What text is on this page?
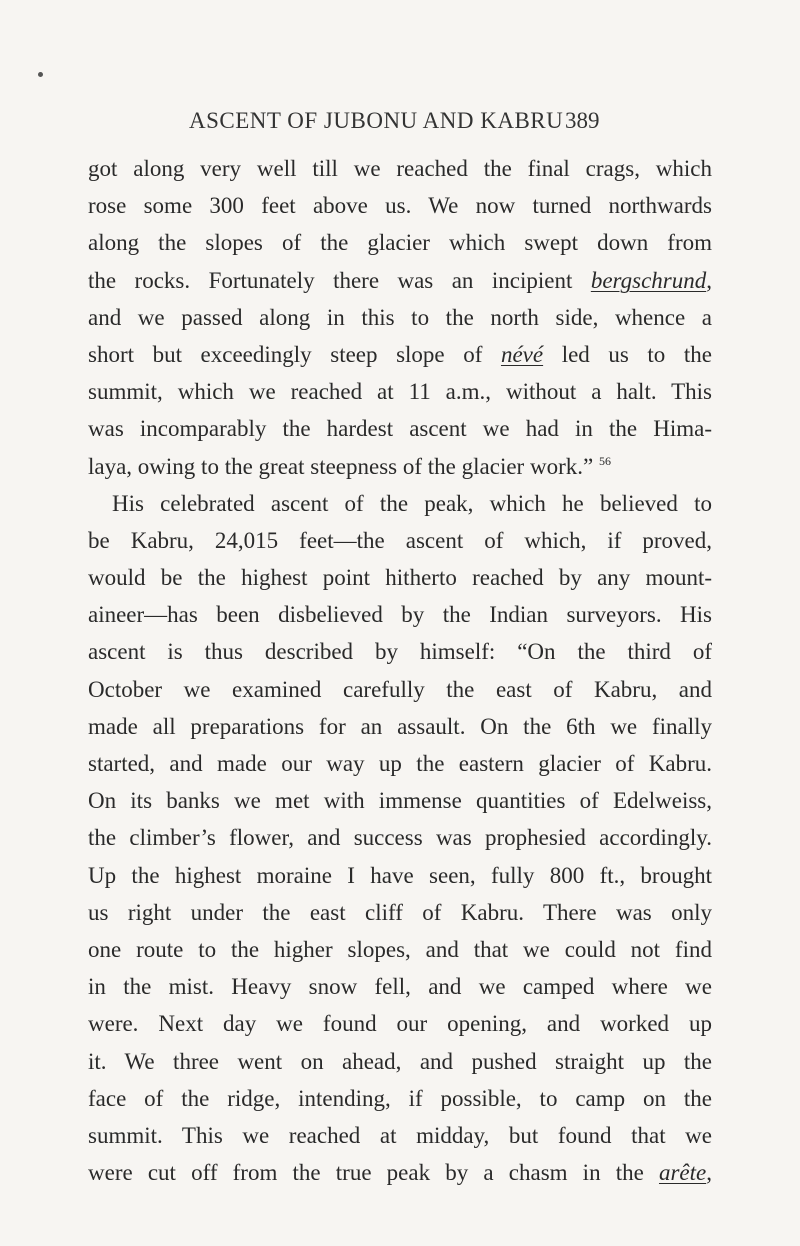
ASCENT OF JUBONU AND KABRU 389
got along very well till we reached the final crags, which
rose some 300 feet above us. We now turned northwards
along the slopes of the glacier which swept down from
the rocks. Fortunately there was an incipient bergschrund,
and we passed along in this to the north side, whence a
short but exceedingly steep slope of névé led us to the
summit, which we reached at 11 a.m., without a halt. This
was incomparably the hardest ascent we had in the Hima-
laya, owing to the great steepness of the glacier work.” $^{56}$
His celebrated ascent of the peak, which he believed to
be Kabru, 24,015 feet—the ascent of which, if proved,
would be the highest point hitherto reached by any mount-
aineer—has been disbelieved by the Indian surveyors. His
ascent is thus described by himself: “On the third of
October we examined carefully the east of Kabru, and
made all preparations for an assault. On the 6th we finally
started, and made our way up the eastern glacier of Kabru.
On its banks we met with immense quantities of Edelweiss,
the climber’s flower, and success was prophesied accordingly.
Up the highest moraine I have seen, fully 800 ft., brought
us right under the east cliff of Kabru. There was only
one route to the higher slopes, and that we could not find
in the mist. Heavy snow fell, and we camped where we
were. Next day we found our opening, and worked up
it. We three went on ahead, and pushed straight up the
face of the ridge, intending, if possible, to camp on the
summit. This we reached at midday, but found that we
were cut off from the true peak by a chasm in the arête,
